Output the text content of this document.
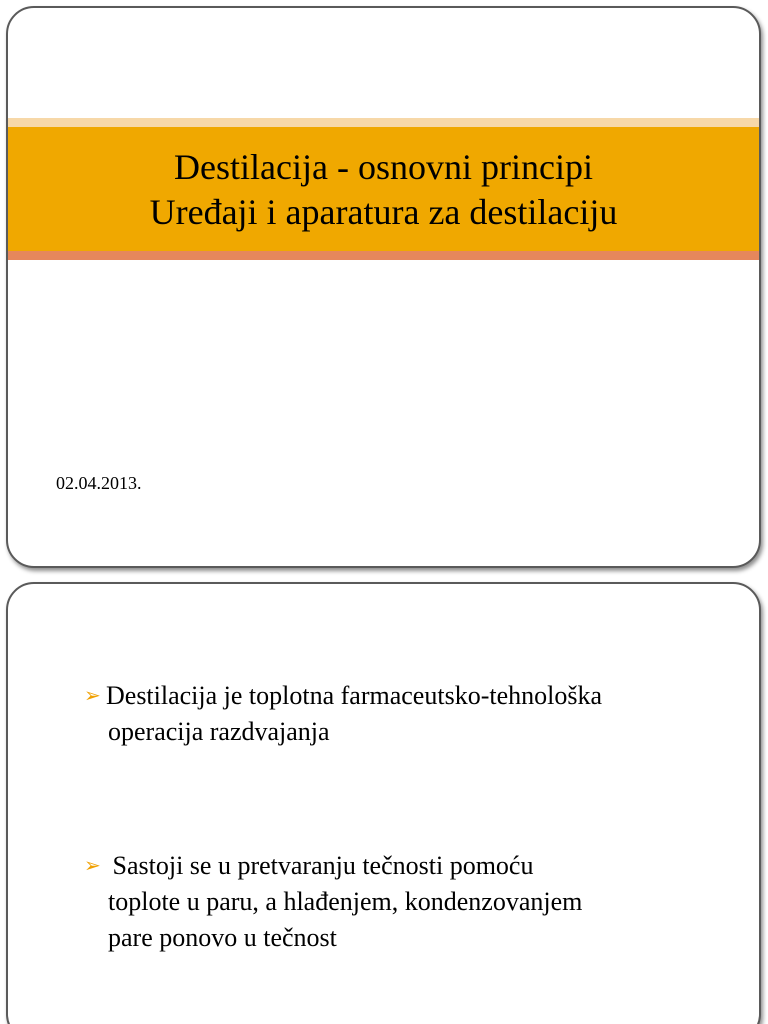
Destilacija - osnovni principi
Uređaji i aparatura za destilaciju
02.04.2013.
➢ Destilacija je toplotna farmaceutsko-tehnološka
operacija razdvajanja
➢ Sastoji se u pretvaranju tečnosti pomoću
toplote u paru, a hlađenjem, kondenzovanjem
pare ponovo u tečnost
